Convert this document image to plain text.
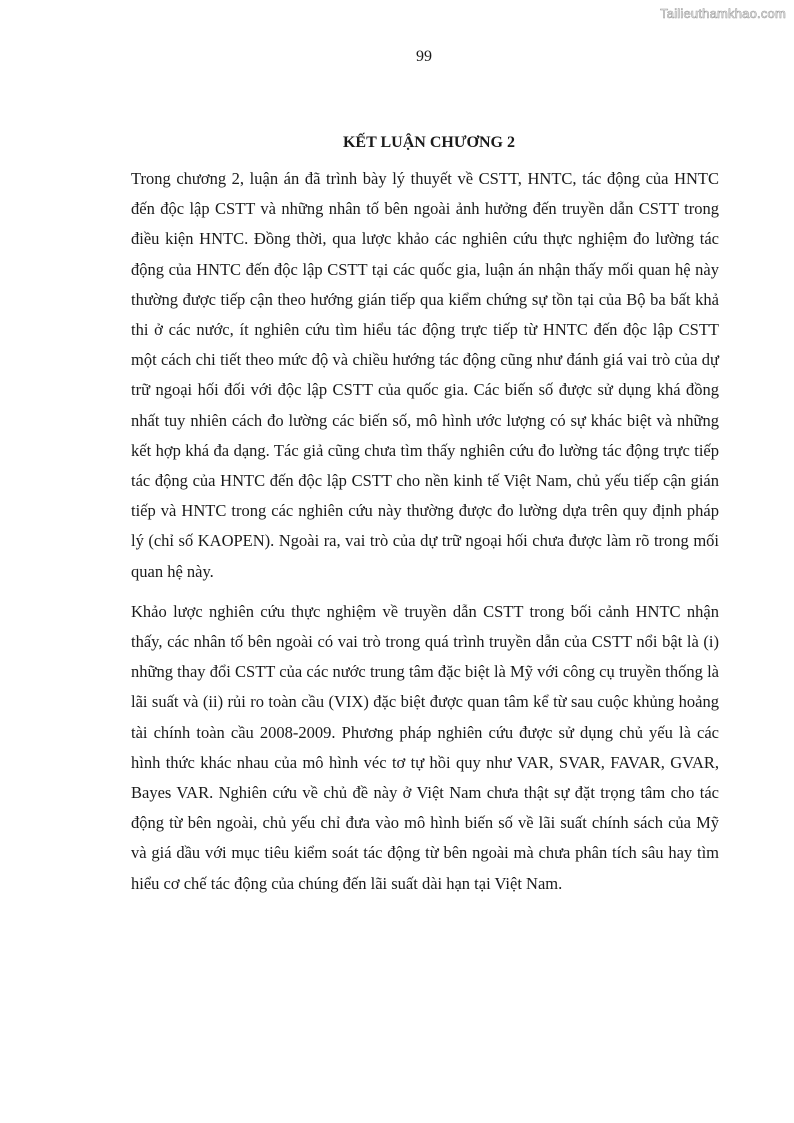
Tailieuthamkhao.com
99
KẾT LUẬN CHƯƠNG 2

Trong chương 2, luận án đã trình bày lý thuyết về CSTT, HNTC, tác động của HNTC đến độc lập CSTT và những nhân tố bên ngoài ảnh hưởng đến truyền dẫn CSTT trong điều kiện HNTC. Đồng thời, qua lược khảo các nghiên cứu thực nghiệm đo lường tác động của HNTC đến độc lập CSTT tại các quốc gia, luận án nhận thấy mối quan hệ này thường được tiếp cận theo hướng gián tiếp qua kiểm chứng sự tồn tại của Bộ ba bất khả thi ở các nước, ít nghiên cứu tìm hiểu tác động trực tiếp từ HNTC đến độc lập CSTT một cách chi tiết theo mức độ và chiều hướng tác động cũng như đánh giá vai trò của dự trữ ngoại hối đối với độc lập CSTT của quốc gia. Các biến số được sử dụng khá đồng nhất tuy nhiên cách đo lường các biến số, mô hình ước lượng có sự khác biệt và những kết hợp khá đa dạng. Tác giả cũng chưa tìm thấy nghiên cứu đo lường tác động trực tiếp tác động của HNTC đến độc lập CSTT cho nền kinh tế Việt Nam, chủ yếu tiếp cận gián tiếp và HNTC trong các nghiên cứu này thường được đo lường dựa trên quy định pháp lý (chỉ số KAOPEN). Ngoài ra, vai trò của dự trữ ngoại hối chưa được làm rõ trong mối quan hệ này.

Khảo lược nghiên cứu thực nghiệm về truyền dẫn CSTT trong bối cảnh HNTC nhận thấy, các nhân tố bên ngoài có vai trò trong quá trình truyền dẫn của CSTT nổi bật là (i) những thay đổi CSTT của các nước trung tâm đặc biệt là Mỹ với công cụ truyền thống là lãi suất và (ii) rủi ro toàn cầu (VIX) đặc biệt được quan tâm kể từ sau cuộc khủng hoảng tài chính toàn cầu 2008-2009. Phương pháp nghiên cứu được sử dụng chủ yếu là các hình thức khác nhau của mô hình véc tơ tự hồi quy như VAR, SVAR, FAVAR, GVAR, Bayes VAR. Nghiên cứu về chủ đề này ở Việt Nam chưa thật sự đặt trọng tâm cho tác động từ bên ngoài, chủ yếu chỉ đưa vào mô hình biến số về lãi suất chính sách của Mỹ và giá dầu với mục tiêu kiểm soát tác động từ bên ngoài mà chưa phân tích sâu hay tìm hiểu cơ chế tác động của chúng đến lãi suất dài hạn tại Việt Nam.
